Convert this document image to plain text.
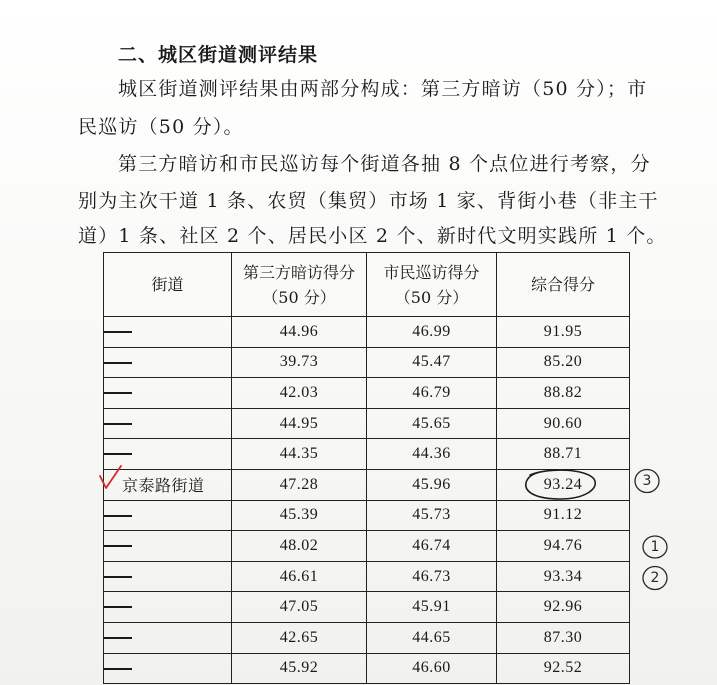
二、城区街道测评结果
城区街道测评结果由两部分构成：第三方暗访（50 分）；市
民巡访（50 分）。
第三方暗访和市民巡访每个街道各抽 8 个点位进行考察，分
别为主次干道 1 条、农贸（集贸）市场 1 家、背街小巷（非主干
道）1 条、社区 2 个、居民小区 2 个、新时代文明实践所 1 个。
街道	第三方暗访得分
（50 分）	市民巡访得分
（50 分）	综合得分

	44.96	46.99	91.95

	39.73	45.47	85.20

	42.03	46.79	88.82

	44.95	45.65	90.60

	44.35	44.36	88.71

京泰路街道	47.28	45.96	93.24

	45.39	45.73	91.12

	48.02	46.74	94.76

	46.61	46.73	93.34

	47.05	45.91	92.96

	42.65	44.65	87.30

	45.92	46.60	92.52
3
1
2
